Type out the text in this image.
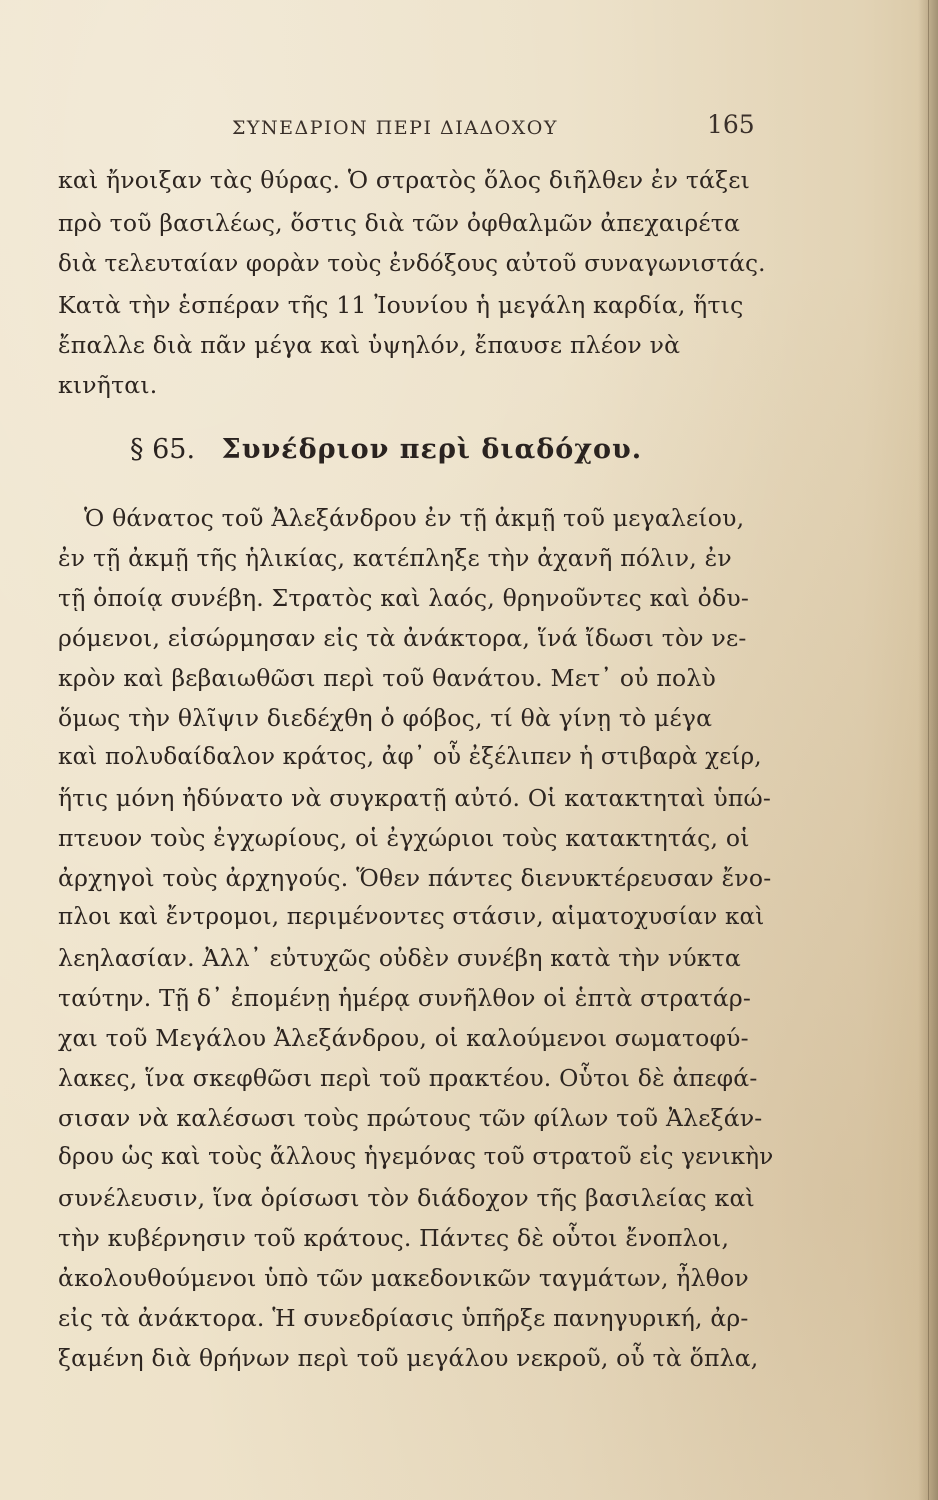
ΣΥΝΕΔΡΙΟΝ ΠΕΡΙ ΔΙΑΔΟΧΟΥ	165
καὶ ἤνοιξαν τὰς θύρας. Ὁ στρατὸς ὅλος διῆλθεν ἐν τάξει
πρὸ τοῦ βασιλέως, ὅστις διὰ τῶν ὀφθαλμῶν ἀπεχαιρέτα
διὰ τελευταίαν φορὰν τοὺς ἐνδόξους αὐτοῦ συναγωνιστάς.
Κατὰ τὴν ἑσπέραν τῆς 11 Ἰουνίου ἡ μεγάλη καρδία, ἥτις
ἔπαλλε διὰ πᾶν μέγα καὶ ὑψηλόν, ἔπαυσε πλέον νὰ
κινῆται.
§ 65. Συνέδριον περὶ διαδόχου.
Ὁ θάνατος τοῦ Ἀλεξάνδρου ἐν τῇ ἀκμῇ τοῦ μεγαλείου,
ἐν τῇ ἀκμῇ τῆς ἡλικίας, κατέπληξε τὴν ἀχανῆ πόλιν, ἐν
τῇ ὁποίᾳ συνέβη. Στρατὸς καὶ λαός, θρηνοῦντες καὶ ὀδυ-
ρόμενοι, εἰσώρμησαν εἰς τὰ ἀνάκτορα, ἵνά ἴδωσι τὸν νε-
κρὸν καὶ βεβαιωθῶσι περὶ τοῦ θανάτου. Μετ᾽ οὐ πολὺ
ὅμως τὴν θλῖψιν διεδέχθη ὁ φόβος, τί θὰ γίνῃ τὸ μέγα
καὶ πολυδαίδαλον κράτος, ἀφ᾽ οὗ ἐξέλιπεν ἡ στιβαρὰ χείρ,
ἥτις μόνη ἠδύνατο νὰ συγκρατῇ αὐτό. Οἱ κατακτηταὶ ὑπώ-
πτευον τοὺς ἐγχωρίους, οἱ ἐγχώριοι τοὺς κατακτητάς, οἱ
ἀρχηγοὶ τοὺς ἀρχηγούς. Ὅθεν πάντες διενυκτέρευσαν ἔνο-
πλοι καὶ ἔντρομοι, περιμένοντες στάσιν, αἱματοχυσίαν καὶ
λεηλασίαν. Ἀλλ᾽ εὐτυχῶς οὐδὲν συνέβη κατὰ τὴν νύκτα
ταύτην. Τῇ δ᾽ ἐπομένῃ ἡμέρᾳ συνῆλθον οἱ ἑπτὰ στρατάρ-
χαι τοῦ Μεγάλου Ἀλεξάνδρου, οἱ καλούμενοι σωματοφύ-
λακες, ἵνα σκεφθῶσι περὶ τοῦ πρακτέου. Οὗτοι δὲ ἀπεφά-
σισαν νὰ καλέσωσι τοὺς πρώτους τῶν φίλων τοῦ Ἀλεξάν-
δρου ὡς καὶ τοὺς ἄλλους ἡγεμόνας τοῦ στρατοῦ εἰς γενικὴν
συνέλευσιν, ἵνα ὁρίσωσι τὸν διάδοχον τῆς βασιλείας καὶ
τὴν κυβέρνησιν τοῦ κράτους. Πάντες δὲ οὗτοι ἔνοπλοι,
ἀκολουθούμενοι ὑπὸ τῶν μακεδονικῶν ταγμάτων, ἦλθον
εἰς τὰ ἀνάκτορα. Ἡ συνεδρίασις ὑπῆρξε πανηγυρική, ἀρ-
ξαμένη διὰ θρήνων περὶ τοῦ μεγάλου νεκροῦ, οὗ τὰ ὅπλα,
